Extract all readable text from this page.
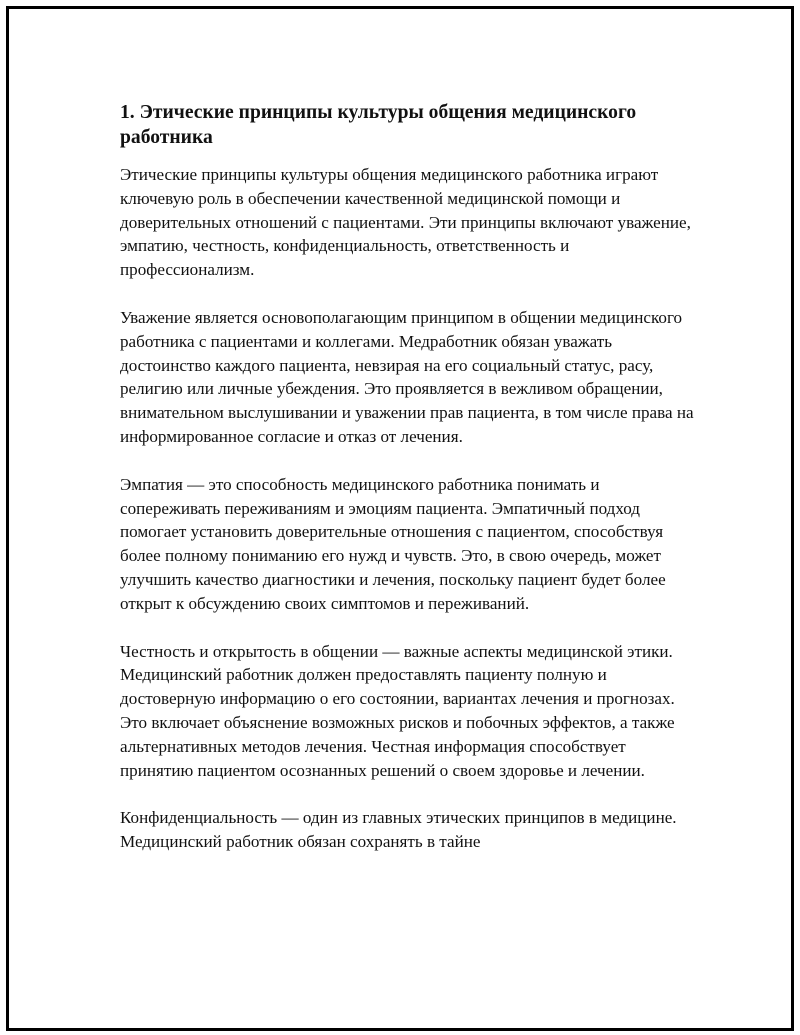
1. Этические принципы культуры общения медицинского работника

Этические принципы культуры общения медицинского работника играют ключевую роль в обеспечении качественной медицинской помощи и доверительных отношений с пациентами. Эти принципы включают уважение, эмпатию, честность, конфиденциальность, ответственность и профессионализм.

Уважение является основополагающим принципом в общении медицинского работника с пациентами и коллегами. Медработник обязан уважать достоинство каждого пациента, невзирая на его социальный статус, расу, религию или личные убеждения. Это проявляется в вежливом обращении, внимательном выслушивании и уважении прав пациента, в том числе права на информированное согласие и отказ от лечения.

Эмпатия — это способность медицинского работника понимать и сопереживать переживаниям и эмоциям пациента. Эмпатичный подход помогает установить доверительные отношения с пациентом, способствуя более полному пониманию его нужд и чувств. Это, в свою очередь, может улучшить качество диагностики и лечения, поскольку пациент будет более открыт к обсуждению своих симптомов и переживаний.

Честность и открытость в общении — важные аспекты медицинской этики. Медицинский работник должен предоставлять пациенту полную и достоверную информацию о его состоянии, вариантах лечения и прогнозах. Это включает объяснение возможных рисков и побочных эффектов, а также альтернативных методов лечения. Честная информация способствует принятию пациентом осознанных решений о своем здоровье и лечении.

Конфиденциальность — один из главных этических принципов в медицине. Медицинский работник обязан сохранять в тайне
